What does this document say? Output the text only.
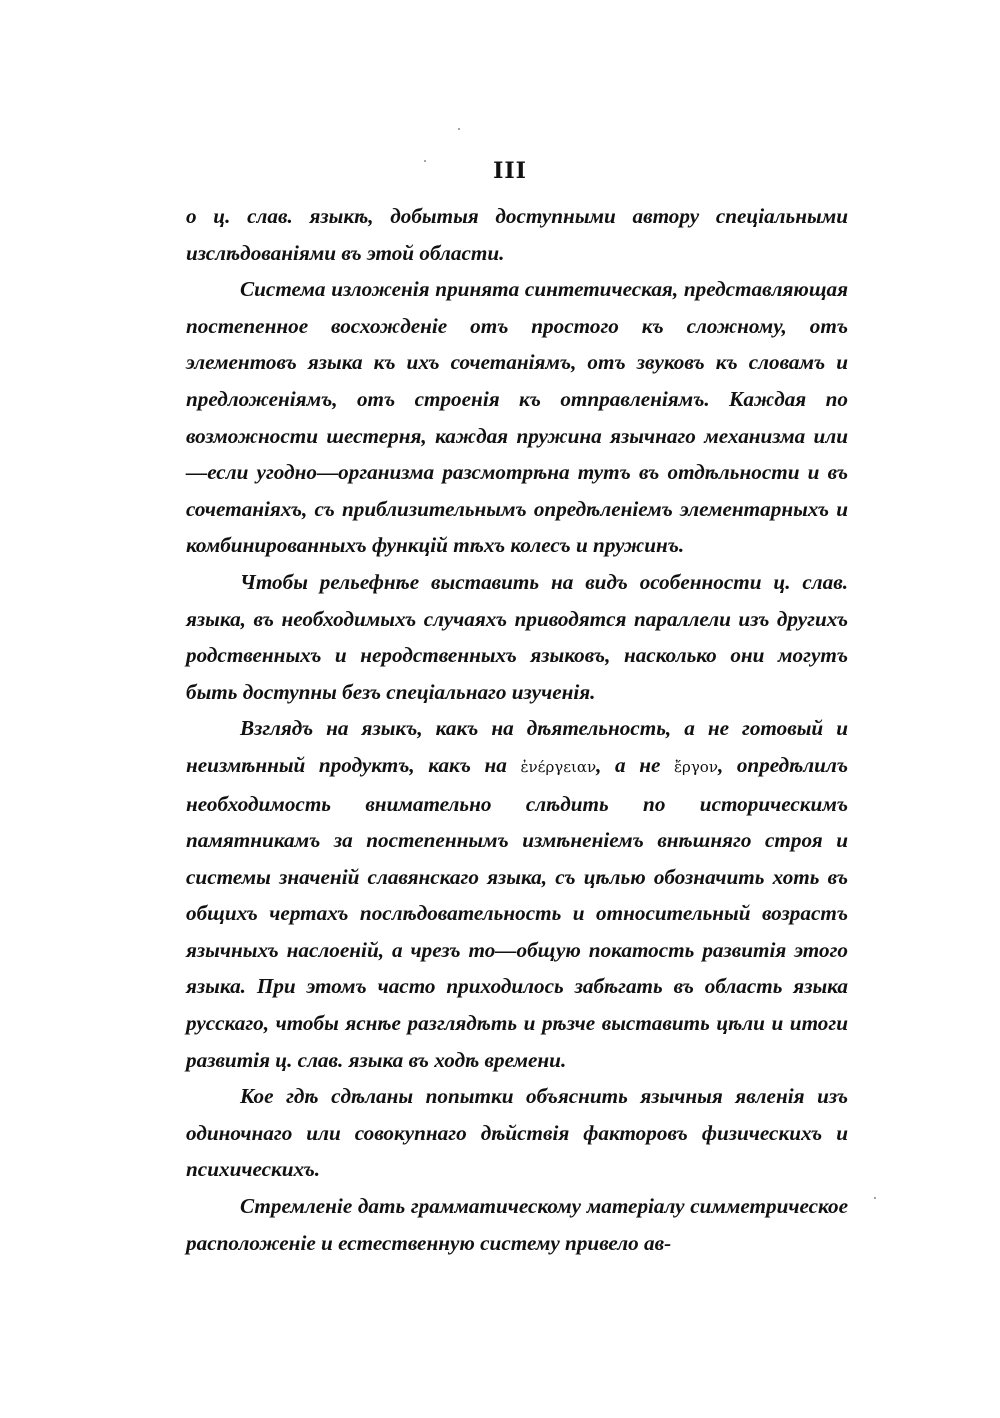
III

о ц. слав. языкѣ, добытыя доступными автору спеціальными изслѣдованіями въ этой области.

Система изложенія принята синтетическая, представляющая постепенное восхожденіе отъ простого къ сложному, отъ элементовъ языка къ ихъ сочетаніямъ, отъ звуковъ къ словамъ и предложеніямъ, отъ строенія къ отправленіямъ. Каждая по возможности шестерня, каждая пружина язычнаго механизма или—если угодно—организма разсмотрѣна тутъ въ отдѣльности и въ сочетаніяхъ, съ приблизительнымъ опредѣленіемъ элементарныхъ и комбинированныхъ функцій тѣхъ колесъ и пружинъ.

Чтобы рельефнѣе выставить на видъ особенности ц. слав. языка, въ необходимыхъ случаяхъ приводятся параллели изъ другихъ родственныхъ и неродственныхъ языковъ, насколько они могутъ быть доступны безъ спеціальнаго изученія.

Взглядъ на языкъ, какъ на дѣятельность, а не готовый и неизмѣнный продуктъ, какъ на ἐνέργειαν, а не ἔργον, опредѣлилъ необходимость внимательно слѣдить по историческимъ памятникамъ за постепеннымъ измѣненіемъ внѣшняго строя и системы значеній славянскаго языка, съ цѣлью обозначить хоть въ общихъ чертахъ послѣдовательность и относительный возрастъ язычныхъ наслоеній, а чрезъ то—общую покатость развитія этого языка. При этомъ часто приходилось забѣгать въ область языка русскаго, чтобы яснѣе разглядѣть и рѣзче выставить цѣли и итоги развитія ц. слав. языка въ ходѣ времени.

Кое гдѣ сдѣланы попытки объяснить язычныя явленія изъ одиночнаго или совокупнаго дѣйствія факторовъ физическихъ и психическихъ.

Стремленіе дать грамматическому матеріалу симметрическое расположеніе и естественную систему привело ав-
